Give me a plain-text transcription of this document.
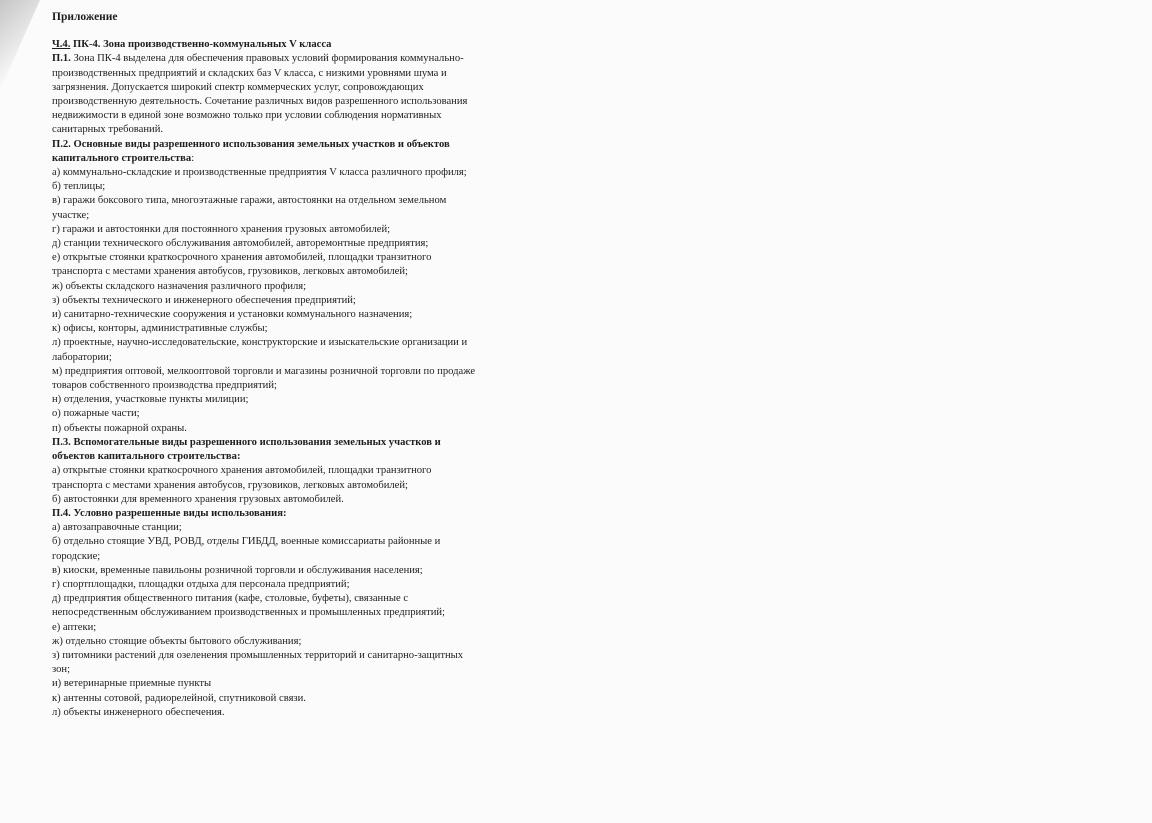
Приложение
Ч.4. ПК-4. Зона производственно-коммунальных V класса
П.1. Зона ПК-4 выделена для обеспечения правовых условий формирования коммунально-
производственных предприятий и складских баз V класса, с низкими уровнями шума и
загрязнения. Допускается широкий спектр коммерческих услуг, сопровождающих
производственную деятельность. Сочетание различных видов разрешенного использования
недвижимости в единой зоне возможно только при условии соблюдения нормативных
санитарных требований.
П.2. Основные виды разрешенного использования земельных участков и объектов
капитального строительства:
а) коммунально-складские и производственные предприятия V класса различного профиля;
б) теплицы;
в) гаражи боксового типа, многоэтажные гаражи, автостоянки на отдельном земельном
участке;
г) гаражи и автостоянки для постоянного хранения грузовых автомобилей;
д) станции технического обслуживания автомобилей, авторемонтные предприятия;
е) открытые стоянки краткосрочного хранения автомобилей, площадки транзитного
транспорта с местами хранения автобусов, грузовиков, легковых автомобилей;
ж) объекты складского назначения различного профиля;
з) объекты технического и инженерного обеспечения предприятий;
и) санитарно-технические сооружения и установки коммунального назначения;
к) офисы, конторы, административные службы;
л) проектные, научно-исследовательские, конструкторские и изыскательские организации и
лаборатории;
м) предприятия оптовой, мелкооптовой торговли и магазины розничной торговли по продаже
товаров собственного производства предприятий;
н) отделения, участковые пункты милиции;
о) пожарные части;
п) объекты пожарной охраны.
П.3. Вспомогательные виды разрешенного использования земельных участков и
объектов капитального строительства:
а) открытые стоянки краткосрочного хранения автомобилей, площадки транзитного
транспорта с местами хранения автобусов, грузовиков, легковых автомобилей;
б) автостоянки для временного хранения грузовых автомобилей.
П.4. Условно разрешенные виды использования:
а) автозаправочные станции;
б) отдельно стоящие УВД, РОВД, отделы ГИБДД, военные комиссариаты районные и
городские;
в) киоски, временные павильоны розничной торговли и обслуживания населения;
г) спортплощадки, площадки отдыха для персонала предприятий;
д) предприятия общественного питания (кафе, столовые, буфеты), связанные с
непосредственным обслуживанием производственных и промышленных предприятий;
е) аптеки;
ж) отдельно стоящие объекты бытового обслуживания;
з) питомники растений для озеленения промышленных территорий и санитарно-защитных
зон;
и) ветеринарные приемные пункты
к) антенны сотовой, радиорелейной, спутниковой связи.
л) объекты инженерного обеспечения.
